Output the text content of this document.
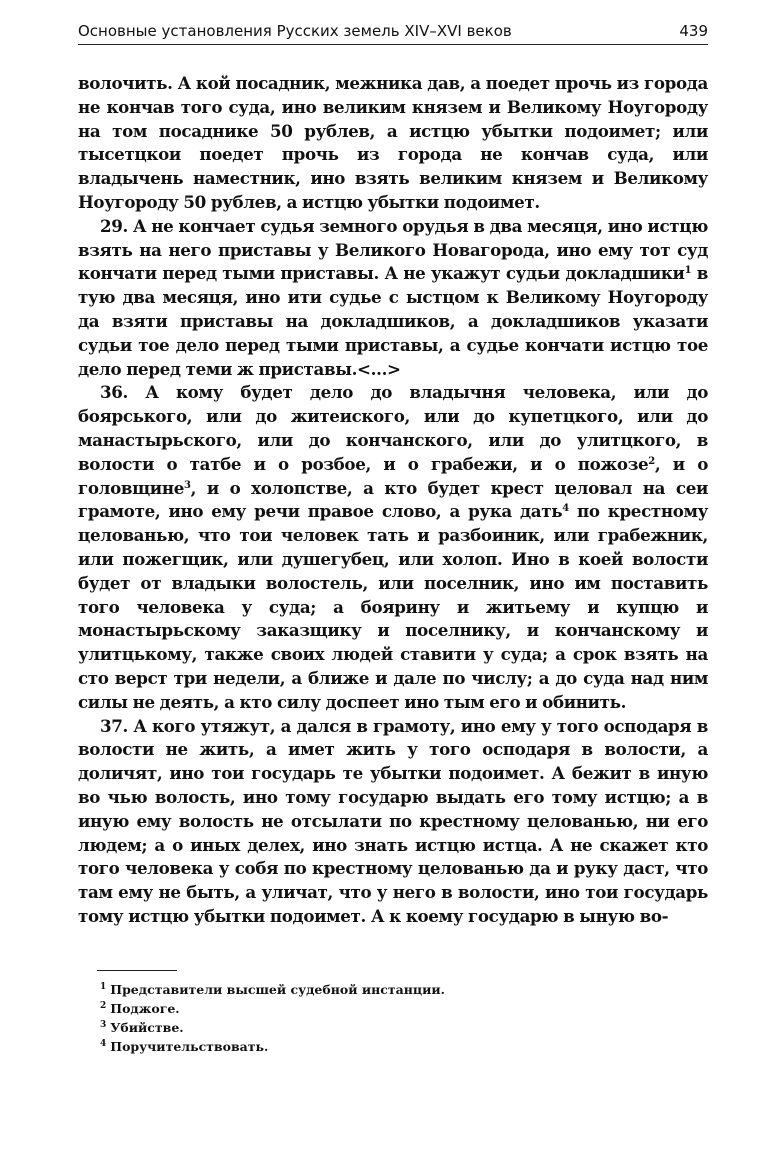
Основные установления Русских земель XIV–XVI веков	439

волочить. А кой посадник, межника дав, а поедет прочь из города не кончав того суда, ино великим князем и Великому Ноугороду на том посаднике 50 рублев, а истцю убытки подоимет; или тысетцкои поедет прочь из города не кончав суда, или владычень наместник, ино взять великим князем и Великому Ноугороду 50 рублев, а истцю убытки подоимет.

29. А не кончает судья земного орудья в два месяця, ино истцю взять на него приставы у Великого Новагорода, ино ему тот суд кончати перед тыми приставы. А не укажут судьи докладшики$^1$ в тую два месяця, ино ити судье с ыстцом к Великому Ноугороду да взяти приставы на докладшиков, а докладшиков указати судьи тое дело перед тыми приставы, а судье кончати истцю тое дело перед теми ж приставы.<...>

36. А кому будет дело до владычня человека, или до боярського, или до житеиского, или до купетцкого, или до манастырьского, или до кончанского, или до улитцкого, в волости о татбе и о розбое, и о грабежи, и о пожозе$^2$, и о головщине$^3$, и о холопстве, а кто будет крест целовал на сеи грамоте, ино ему речи правое слово, а рука дать$^4$ по крестному целованью, что тои человек тать и разбоиник, или грабежник, или пожегщик, или душегубец, или холоп. Ино в коей волости будет от владыки волостель, или поселник, ино им поставить того человека у суда; а боярину и житьему и купцю и монастырьскому заказщику и поселнику, и кончанскому и улитцькому, также своих людей ставити у суда; а срок взять на сто верст три недели, а ближе и дале по числу; а до суда над ним силы не деять, а кто силу доспеет ино тым его и обинить.

37. А кого утяжут, а дался в грамоту, ино ему у того осподаря в волости не жить, а имет жить у того осподаря в волости, а доличят, ино тои государь те убытки подоимет. А бежит в иную во чью волость, ино тому государю выдать его тому истцю; а в иную ему волость не отсылати по крестному целованью, ни его людем; а о иных делех, ино знать истцю истца. А не скажет кто того человека у собя по крестному целованью да и руку даст, что там ему не быть, а уличат, что у него в волости, ино тои государь тому истцю убытки подоимет. А к коему государю в ыную во-

$^1$ Представители высшей судебной инстанции.
$^2$ Поджоге.
$^3$ Убийстве.
$^4$ Поручительствовать.
